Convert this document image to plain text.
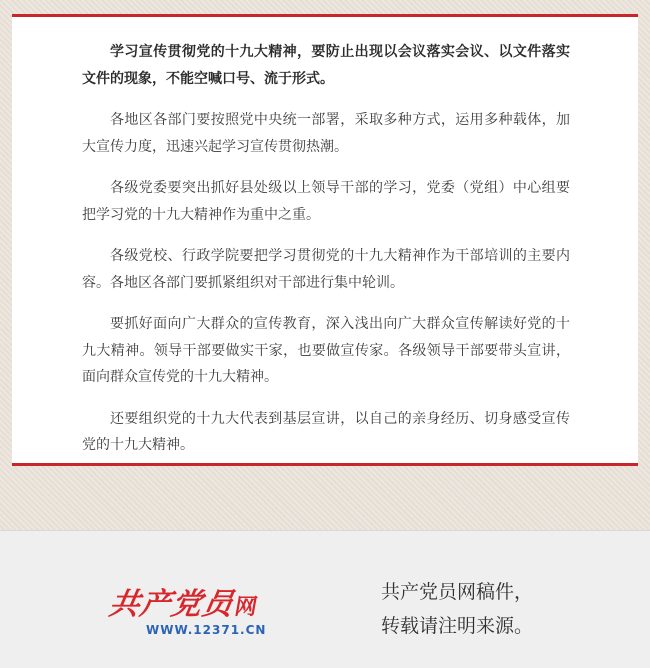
学习宣传贯彻党的十九大精神，要防止出现以会议落实会议、以文件落实文件的现象，不能空喊口号、流于形式。

各地区各部门要按照党中央统一部署，采取多种方式，运用多种载体，加大宣传力度，迅速兴起学习宣传贯彻热潮。

各级党委要突出抓好县处级以上领导干部的学习，党委（党组）中心组要把学习党的十九大精神作为重中之重。

各级党校、行政学院要把学习贯彻党的十九大精神作为干部培训的主要内容。各地区各部门要抓紧组织对干部进行集中轮训。

要抓好面向广大群众的宣传教育，深入浅出向广大群众宣传解读好党的十九大精神。领导干部要做实干家，也要做宣传家。各级领导干部要带头宣讲，面向群众宣传党的十九大精神。

还要组织党的十九大代表到基层宣讲，以自己的亲身经历、切身感受宣传党的十九大精神。

共产党员网
WWW.12371.CN
共产党员网稿件，
转载请注明来源。
